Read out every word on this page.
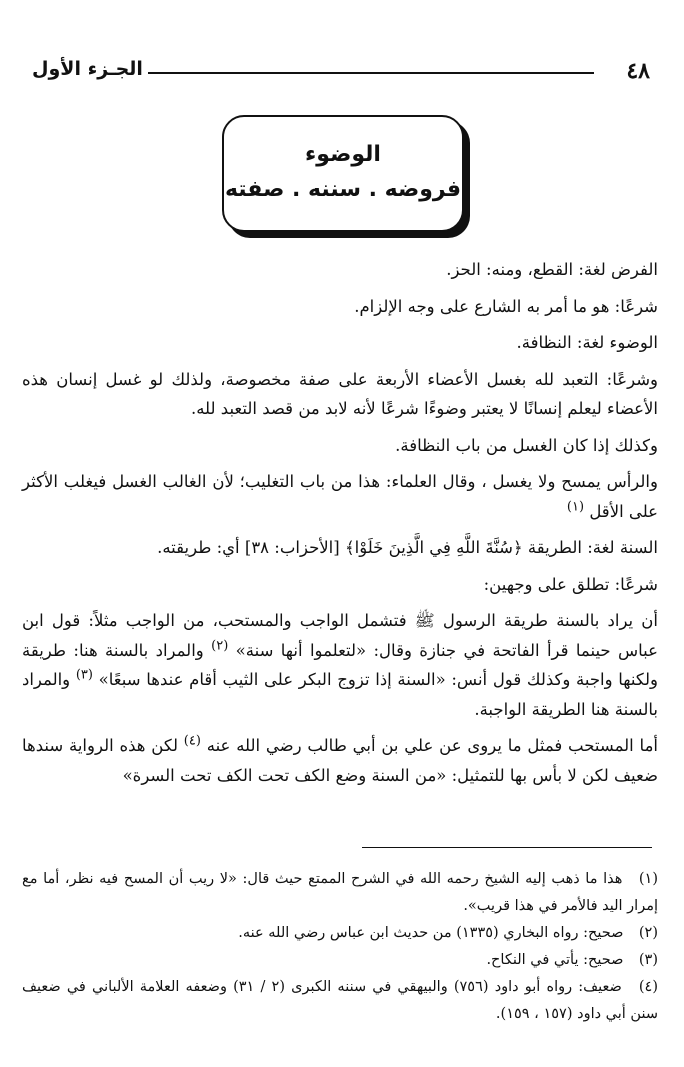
٤٨
الجـزء الأول
الوضوء
فروضه . سننه . صفته

الفرض لغة: القطع، ومنه: الحز.

شرعًا: هو ما أمر به الشارع على وجه الإلزام.

الوضوء لغة: النظافة.

وشرعًا: التعبد لله بغسل الأعضاء الأربعة على صفة مخصوصة، ولذلك لو غسل إنسان هذه الأعضاء ليعلم إنسانًا لا يعتبر وضوءًا شرعًا لأنه لابد من قصد التعبد لله.

وكذلك إذا كان الغسل من باب النظافة.

والرأس يمسح ولا يغسل ، وقال العلماء: هذا من باب التغليب؛ لأن الغالب الغسل فيغلب الأكثر على الأقل $^{(١)}$

السنة لغة: الطريقة ﴿سُنَّةَ اللَّهِ فِي الَّذِينَ خَلَوْا﴾ [الأحزاب: ٣٨] أي: طريقته.

شرعًا: تطلق على وجهين:

أن يراد بالسنة طريقة الرسول ﷺ فتشمل الواجب والمستحب، من الواجب مثلاً: قول ابن عباس حينما قرأ الفاتحة في جنازة وقال: «لتعلموا أنها سنة» $^{(٢)}$ والمراد بالسنة هنا: طريقة ولكنها واجبة وكذلك قول أنس: «السنة إذا تزوج البكر على الثيب أقام عندها سبعًا» $^{(٣)}$ والمراد بالسنة هنا الطريقة الواجبة.

أما المستحب فمثل ما يروى عن علي بن أبي طالب رضي الله عنه $^{(٤)}$ لكن هذه الرواية سندها ضعيف لكن لا بأس بها للتمثيل: «من السنة وضع الكف تحت الكف تحت السرة»

(١) هذا ما ذهب إليه الشيخ رحمه الله في الشرح الممتع حيث قال: «لا ريب أن المسح فيه نظر، أما مع إمرار اليد فالأمر في هذا قريب».

(٢) صحيح: رواه البخاري (١٣٣٥) من حديث ابن عباس رضي الله عنه.

(٣) صحيح: يأتي في النكاح.

(٤) ضعيف: رواه أبو داود (٧٥٦) والبيهقي في سننه الكبرى (٢ / ٣١) وضعفه العلامة الألباني في ضعيف سنن أبي داود (١٥٧ ، ١٥٩).
